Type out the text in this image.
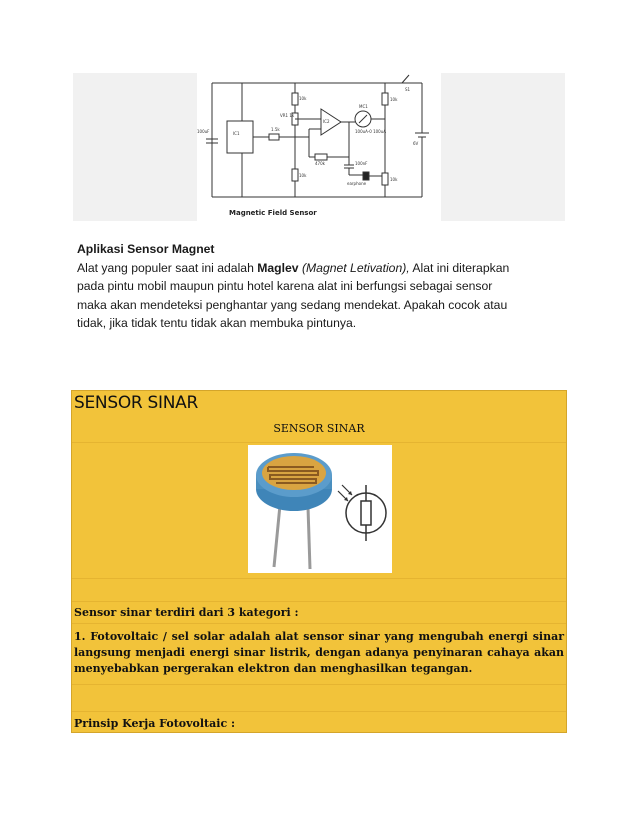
IC1
IC2
100uF
10k
VR1 1k
1.5k
470k
10k
MC1
100uA-0 100uA
100nF
earphone
S1
10k
10k
6V
Magnetic Field Sensor
Aplikasi Sensor Magnet
Alat yang populer saat ini adalah Maglev (Magnet Letivation), Alat ini diterapkan
pada pintu mobil maupun pintu hotel karena alat ini berfungsi sebagai sensor
maka akan mendeteksi penghantar yang sedang mendekat. Apakah cocok atau
tidak, jika tidak tentu tidak akan membuka pintunya.
SENSOR SINAR
SENSOR SINAR
Sensor sinar terdiri dari 3 kategori :
1. Fotovoltaic / sel solar adalah alat sensor sinar yang mengubah energi sinar langsung menjadi energi sinar listrik, dengan adanya penyinaran cahaya akan menyebabkan pergerakan elektron dan menghasilkan tegangan.
Prinsip Kerja Fotovoltaic :
